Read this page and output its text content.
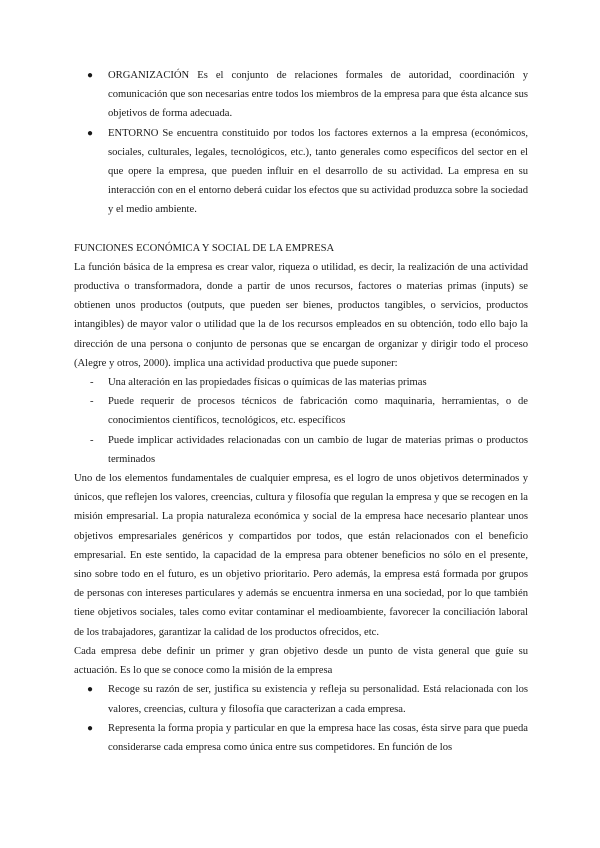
● ORGANIZACIÓN Es el conjunto de relaciones formales de autoridad, coordinación y comunicación que son necesarias entre todos los miembros de la empresa para que ésta alcance sus objetivos de forma adecuada.
● ENTORNO Se encuentra constituido por todos los factores externos a la empresa (económicos, sociales, culturales, legales, tecnológicos, etc.), tanto generales como específicos del sector en el que opere la empresa, que pueden influir en el desarrollo de su actividad. La empresa en su interacción con en el entorno deberá cuidar los efectos que su actividad produzca sobre la sociedad y el medio ambiente.
FUNCIONES ECONÓMICA Y SOCIAL DE LA EMPRESA

La función básica de la empresa es crear valor, riqueza o utilidad, es decir, la realización de una actividad productiva o transformadora, donde a partir de unos recursos, factores o materias primas (inputs) se obtienen unos productos (outputs, que pueden ser bienes, productos tangibles, o servicios, productos intangibles) de mayor valor o utilidad que la de los recursos empleados en su obtención, todo ello bajo la dirección de una persona o conjunto de personas que se encargan de organizar y dirigir todo el proceso (Alegre y otros, 2000). implica una actividad productiva que puede suponer:

- Una alteración en las propiedades físicas o químicas de las materias primas
- Puede requerir de procesos técnicos de fabricación como maquinaria, herramientas, o de conocimientos científicos, tecnológicos, etc. específicos
- Puede implicar actividades relacionadas con un cambio de lugar de materias primas o productos terminados

Uno de los elementos fundamentales de cualquier empresa, es el logro de unos objetivos determinados y únicos, que reflejen los valores, creencias, cultura y filosofía que regulan la empresa y que se recogen en la misión empresarial. La propia naturaleza económica y social de la empresa hace necesario plantear unos objetivos empresariales genéricos y compartidos por todos, que están relacionados con el beneficio empresarial. En este sentido, la capacidad de la empresa para obtener beneficios no sólo en el presente, sino sobre todo en el futuro, es un objetivo prioritario. Pero además, la empresa está formada por grupos de personas con intereses particulares y además se encuentra inmersa en una sociedad, por lo que también tiene objetivos sociales, tales como evitar contaminar el medioambiente, favorecer la conciliación laboral de los trabajadores, garantizar la calidad de los productos ofrecidos, etc.

Cada empresa debe definir un primer y gran objetivo desde un punto de vista general que guíe su actuación. Es lo que se conoce como la misión de la empresa

● Recoge su razón de ser, justifica su existencia y refleja su personalidad. Está relacionada con los valores, creencias, cultura y filosofía que caracterizan a cada empresa.
● Representa la forma propia y particular en que la empresa hace las cosas, ésta sirve para que pueda considerarse cada empresa como única entre sus competidores. En función de los
